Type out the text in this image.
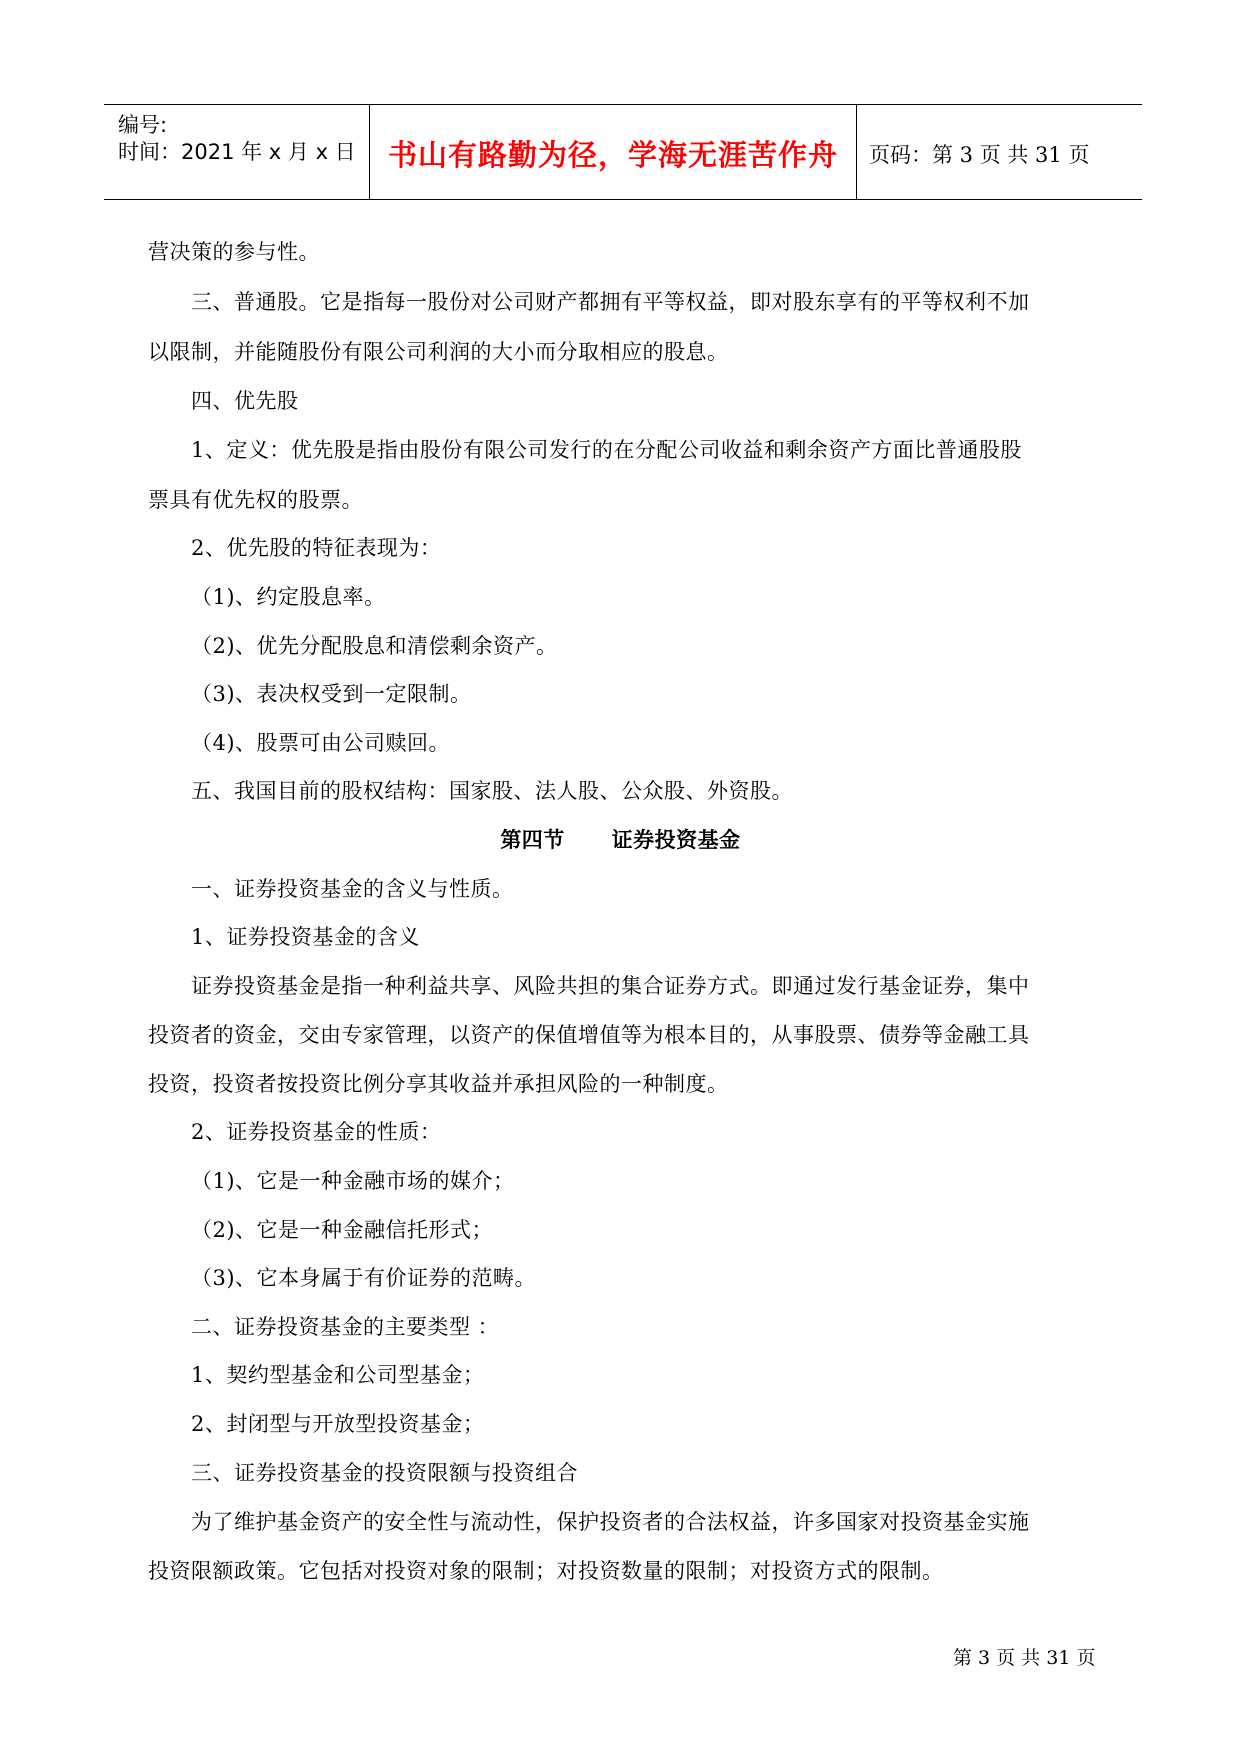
编号:
时间：2021 年 x 月 x 日	书山有路勤为径，学海无涯苦作舟	页码：第 3 页 共 31 页
营决策的参与性。
三、普通股。它是指每一股份对公司财产都拥有平等权益，即对股东享有的平等权利不加
以限制，并能随股份有限公司利润的大小而分取相应的股息。
四、优先股
1、定义：优先股是指由股份有限公司发行的在分配公司收益和剩余资产方面比普通股股
票具有优先权的股票。
2、优先股的特征表现为：
（1)、约定股息率。
（2)、优先分配股息和清偿剩余资产。
（3)、表决权受到一定限制。
（4)、股票可由公司赎回。
五、我国目前的股权结构：国家股、法人股、公众股、外资股。
第四节      证券投资基金
一、证券投资基金的含义与性质。
1、证券投资基金的含义
证券投资基金是指一种利益共享、风险共担的集合证券方式。即通过发行基金证券，集中
投资者的资金，交由专家管理，以资产的保值增值等为根本目的，从事股票、债券等金融工具
投资，投资者按投资比例分享其收益并承担风险的一种制度。
2、证券投资基金的性质：
（1)、它是一种金融市场的媒介；
（2)、它是一种金融信托形式；
（3)、它本身属于有价证券的范畴。
二、证券投资基金的主要类型 ：
1、契约型基金和公司型基金；
2、封闭型与开放型投资基金；
三、证券投资基金的投资限额与投资组合
为了维护基金资产的安全性与流动性，保护投资者的合法权益，许多国家对投资基金实施
投资限额政策。它包括对投资对象的限制；对投资数量的限制；对投资方式的限制。
第 3 页 共 31 页
